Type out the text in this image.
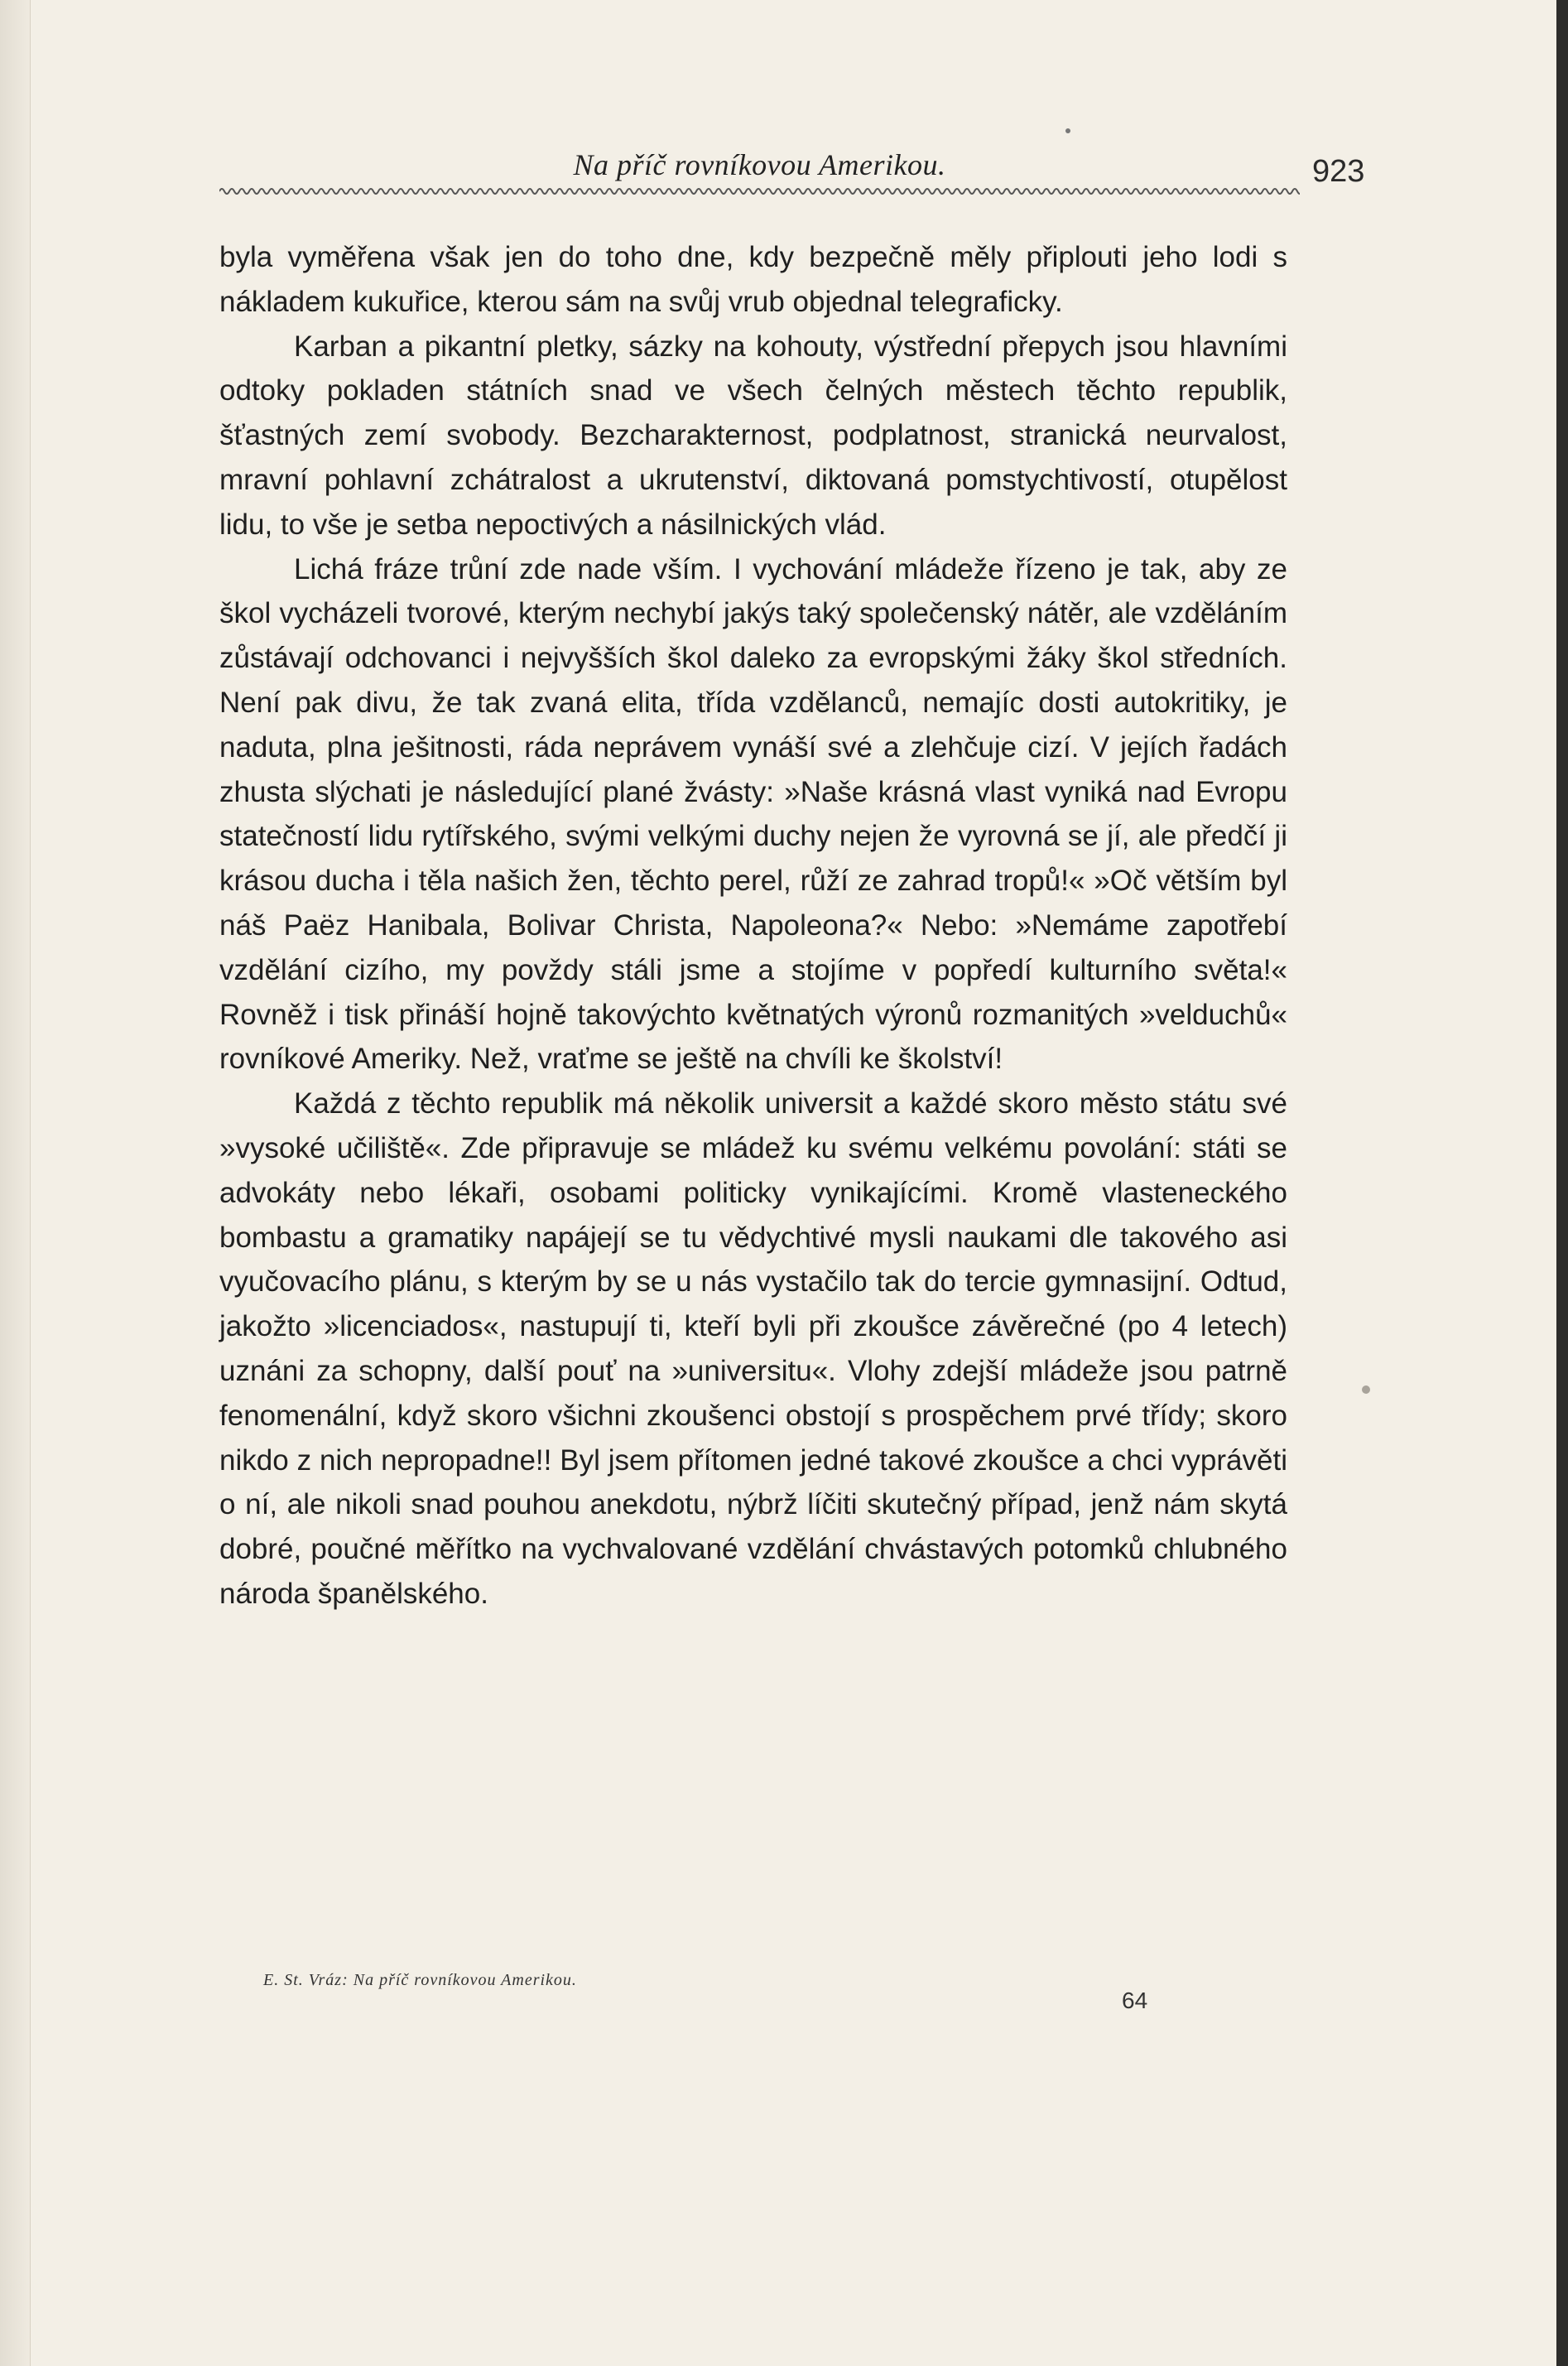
Na příč rovníkovou Amerikou.	923

byla vyměřena však jen do toho dne, kdy bezpečně měly připlouti jeho lodi s nákladem kukuřice, kterou sám na svůj vrub objednal telegraficky.

Karban a pikantní pletky, sázky na kohouty, výstřední přepych jsou hlavními odtoky pokladen státních snad ve všech čelných městech těchto republik, šťastných zemí svobody. Bezcharakternost, podplatnost, stranická neurvalost, mravní pohlavní zchátralost a ukrutenství, diktovaná pomstychtivostí, otupělost lidu, to vše je setba nepoctivých a násilnických vlád.

Lichá fráze trůní zde nade vším. I vychování mládeže řízeno je tak, aby ze škol vycházeli tvorové, kterým nechybí jakýs taký společenský nátěr, ale vzděláním zůstávají odchovanci i nejvyšších škol daleko za evropskými žáky škol středních. Není pak divu, že tak zvaná elita, třída vzdělanců, nemajíc dosti autokritiky, je naduta, plna ješitnosti, ráda neprávem vynáší své a zlehčuje cizí. V jejích řadách zhusta slýchati je následující plané žvásty: »Naše krásná vlast vyniká nad Evropu statečností lidu rytířského, svými velkými duchy nejen že vyrovná se jí, ale předčí ji krásou ducha i těla našich žen, těchto perel, růží ze zahrad tropů!« »Oč větším byl náš Paëz Hanibala, Bolivar Christa, Napoleona?« Nebo: »Nemáme zapotřebí vzdělání cizího, my povždy stáli jsme a stojíme v popředí kulturního světa!« Rovněž i tisk přináší hojně takovýchto květnatých výronů rozmanitých »velduchů« rovníkové Ameriky. Než, vraťme se ještě na chvíli ke školství!

Každá z těchto republik má několik universit a každé skoro město státu své »vysoké učiliště«. Zde připravuje se mládež ku svému velkému povolání: státi se advokáty nebo lékaři, osobami politicky vynikajícími. Kromě vlasteneckého bombastu a gramatiky napájejí se tu vědychtivé mysli naukami dle takového asi vyučovacího plánu, s kterým by se u nás vystačilo tak do tercie gymnasijní. Odtud, jakožto »licenciados«, nastupují ti, kteří byli při zkoušce závěrečné (po 4 letech) uznáni za schopny, další pouť na »universitu«. Vlohy zdejší mládeže jsou patrně fenomenální, když skoro všichni zkoušenci obstojí s prospěchem prvé třídy; skoro nikdo z nich nepropadne!! Byl jsem přítomen jedné takové zkoušce a chci vyprávěti o ní, ale nikoli snad pouhou anekdotu, nýbrž líčiti skutečný případ, jenž nám skytá dobré, poučné měřítko na vychvalované vzdělání chvástavých potomků chlubného národa španělského.

E. St. Vráz: Na příč rovníkovou Amerikou.
64
